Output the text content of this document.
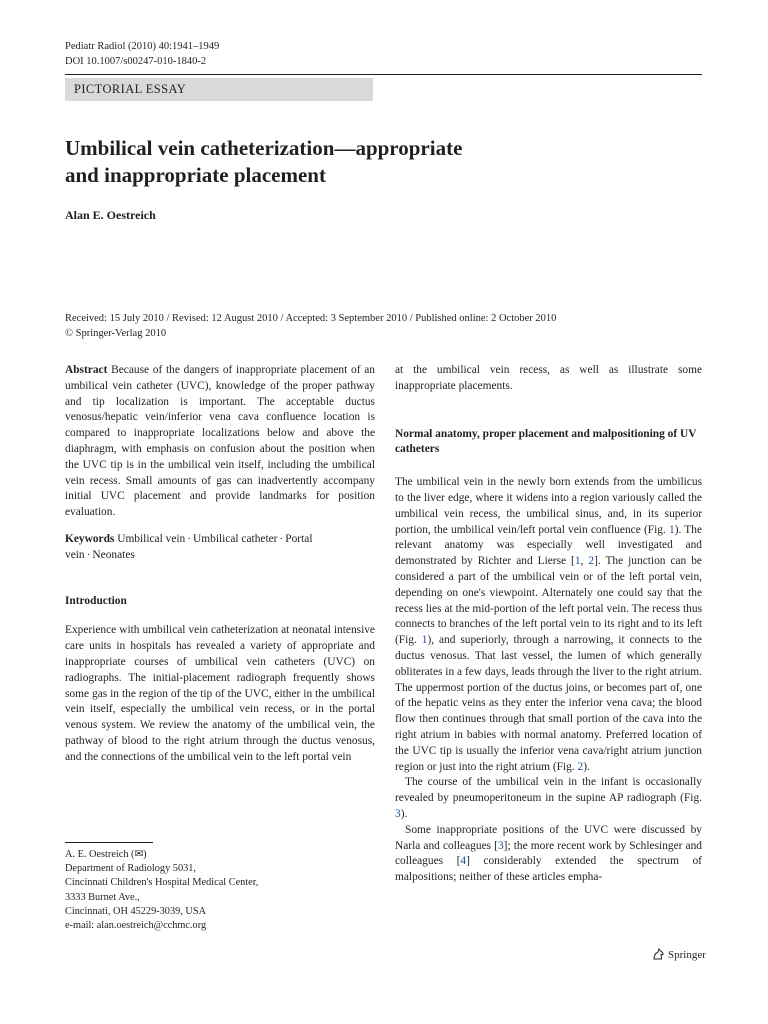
Pediatr Radiol (2010) 40:1941–1949
DOI 10.1007/s00247-010-1840-2
PICTORIAL ESSAY
Umbilical vein catheterization—appropriate
and inappropriate placement
Alan E. Oestreich
Received: 15 July 2010 / Revised: 12 August 2010 / Accepted: 3 September 2010 / Published online: 2 October 2010
© Springer-Verlag 2010

Abstract Because of the dangers of inappropriate placement of an umbilical vein catheter (UVC), knowledge of the proper pathway and tip localization is important. The acceptable ductus venosus/hepatic vein/inferior vena cava confluence location is compared to inappropriate localizations below and above the diaphragm, with emphasis on confusion about the position when the UVC tip is in the umbilical vein itself, including the umbilical vein recess. Small amounts of gas can inadvertently accompany initial UVC placement and provide landmarks for position evaluation.

Keywords Umbilical vein · Umbilical catheter · Portal vein · Neonates

Introduction

Experience with umbilical vein catheterization at neonatal intensive care units in hospitals has revealed a variety of appropriate and inappropriate courses of umbilical vein catheters (UVC) on radiographs. The initial-placement radiograph frequently shows some gas in the region of the tip of the UVC, either in the umbilical vein itself, especially the umbilical vein recess, or in the portal venous system. We review the anatomy of the umbilical vein, the pathway of blood to the right atrium through the ductus venosus, and the connections of the umbilical vein to the left portal vein

at the umbilical vein recess, as well as illustrate some inappropriate placements.

Normal anatomy, proper placement and malpositioning of UV catheters

The umbilical vein in the newly born extends from the umbilicus to the liver edge, where it widens into a region variously called the umbilical vein recess, the umbilical sinus, and, in its superior portion, the umbilical vein/left portal vein confluence (Fig. 1). The relevant anatomy was especially well investigated and demonstrated by Richter and Lierse [1, 2]. The junction can be considered a part of the umbilical vein or of the left portal vein, depending on one's viewpoint. Alternately one could say that the recess lies at the mid-portion of the left portal vein. The recess thus connects to branches of the left portal vein to its right and to its left (Fig. 1), and superiorly, through a narrowing, it connects to the ductus venosus. That last vessel, the lumen of which generally obliterates in a few days, leads through the liver to the right atrium. The uppermost portion of the ductus joins, or becomes part of, one of the hepatic veins as they enter the inferior vena cava; the blood flow then continues through that small portion of the cava into the right atrium in babies with normal anatomy. Preferred location of the UVC tip is usually the inferior vena cava/right atrium junction region or just into the right atrium (Fig. 2).

The course of the umbilical vein in the infant is occasionally revealed by pneumoperitoneum in the supine AP radiograph (Fig. 3).

Some inappropriate positions of the UVC were discussed by Narla and colleagues [3]; the more recent work by Schlesinger and colleagues [4] considerably extended the spectrum of malpositions; neither of these articles empha-

A. E. Oestreich (✉)
Department of Radiology 5031,
Cincinnati Children's Hospital Medical Center,
3333 Burnet Ave.,
Cincinnati, OH 45229-3039, USA
e-mail: alan.oestreich@cchmc.org
Springer
